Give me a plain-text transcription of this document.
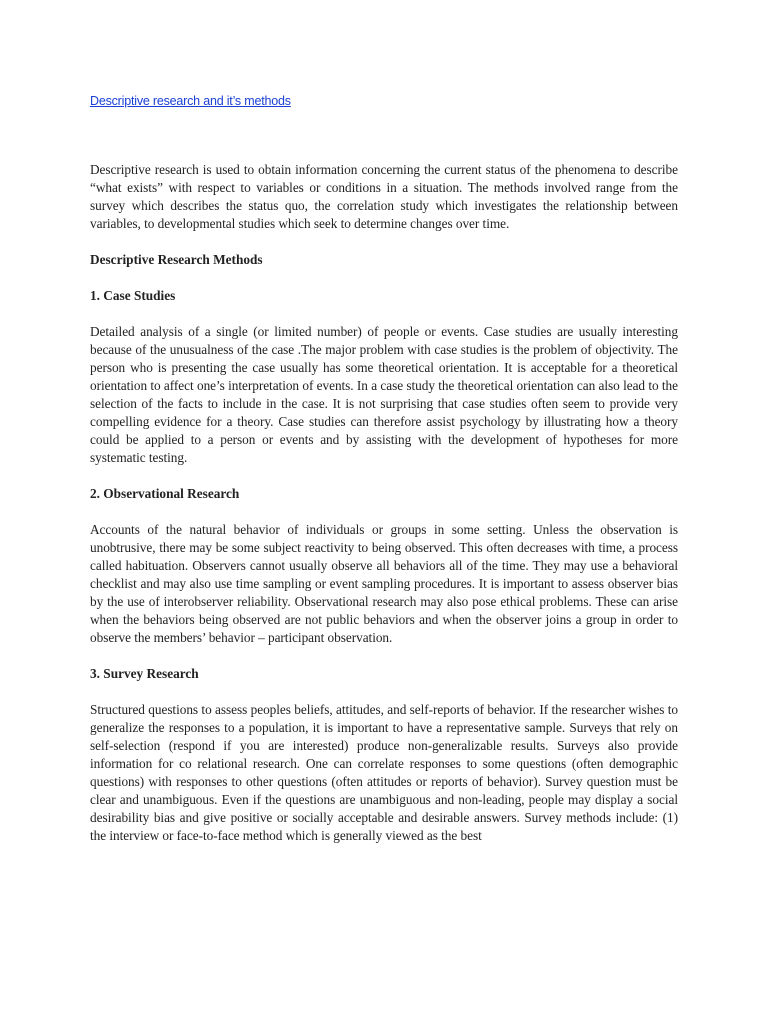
Descriptive research and it’s methods

Descriptive research is used to obtain information concerning the current status of the phenomena to describe “what exists” with respect to variables or conditions in a situation. The methods involved range from the survey which describes the status quo, the correlation study which investigates the relationship between variables, to developmental studies which seek to determine changes over time.

Descriptive Research Methods
1. Case Studies

Detailed analysis of a single (or limited number) of people or events. Case studies are usually interesting because of the unusualness of the case .The major problem with case studies is the problem of objectivity. The person who is presenting the case usually has some theoretical orientation. It is acceptable for a theoretical orientation to affect one’s interpretation of events. In a case study the theoretical orientation can also lead to the selection of the facts to include in the case. It is not surprising that case studies often seem to provide very compelling evidence for a theory. Case studies can therefore assist psychology by illustrating how a theory could be applied to a person or events and by assisting with the development of hypotheses for more systematic testing.

2. Observational Research

Accounts of the natural behavior of individuals or groups in some setting. Unless the observation is unobtrusive, there may be some subject reactivity to being observed. This often decreases with time, a process called habituation. Observers cannot usually observe all behaviors all of the time. They may use a behavioral checklist and may also use time sampling or event sampling procedures. It is important to assess observer bias by the use of interobserver reliability. Observational research may also pose ethical problems. These can arise when the behaviors being observed are not public behaviors and when the observer joins a group in order to observe the members’ behavior – participant observation.

3. Survey Research

Structured questions to assess peoples beliefs, attitudes, and self-reports of behavior. If the researcher wishes to generalize the responses to a population, it is important to have a representative sample. Surveys that rely on self-selection (respond if you are interested) produce non-generalizable results. Surveys also provide information for co relational research. One can correlate responses to some questions (often demographic questions) with responses to other questions (often attitudes or reports of behavior). Survey question must be clear and unambiguous. Even if the questions are unambiguous and non-leading, people may display a social desirability bias and give positive or socially acceptable and desirable answers. Survey methods include: (1) the interview or face-to-face method which is generally viewed as the best
